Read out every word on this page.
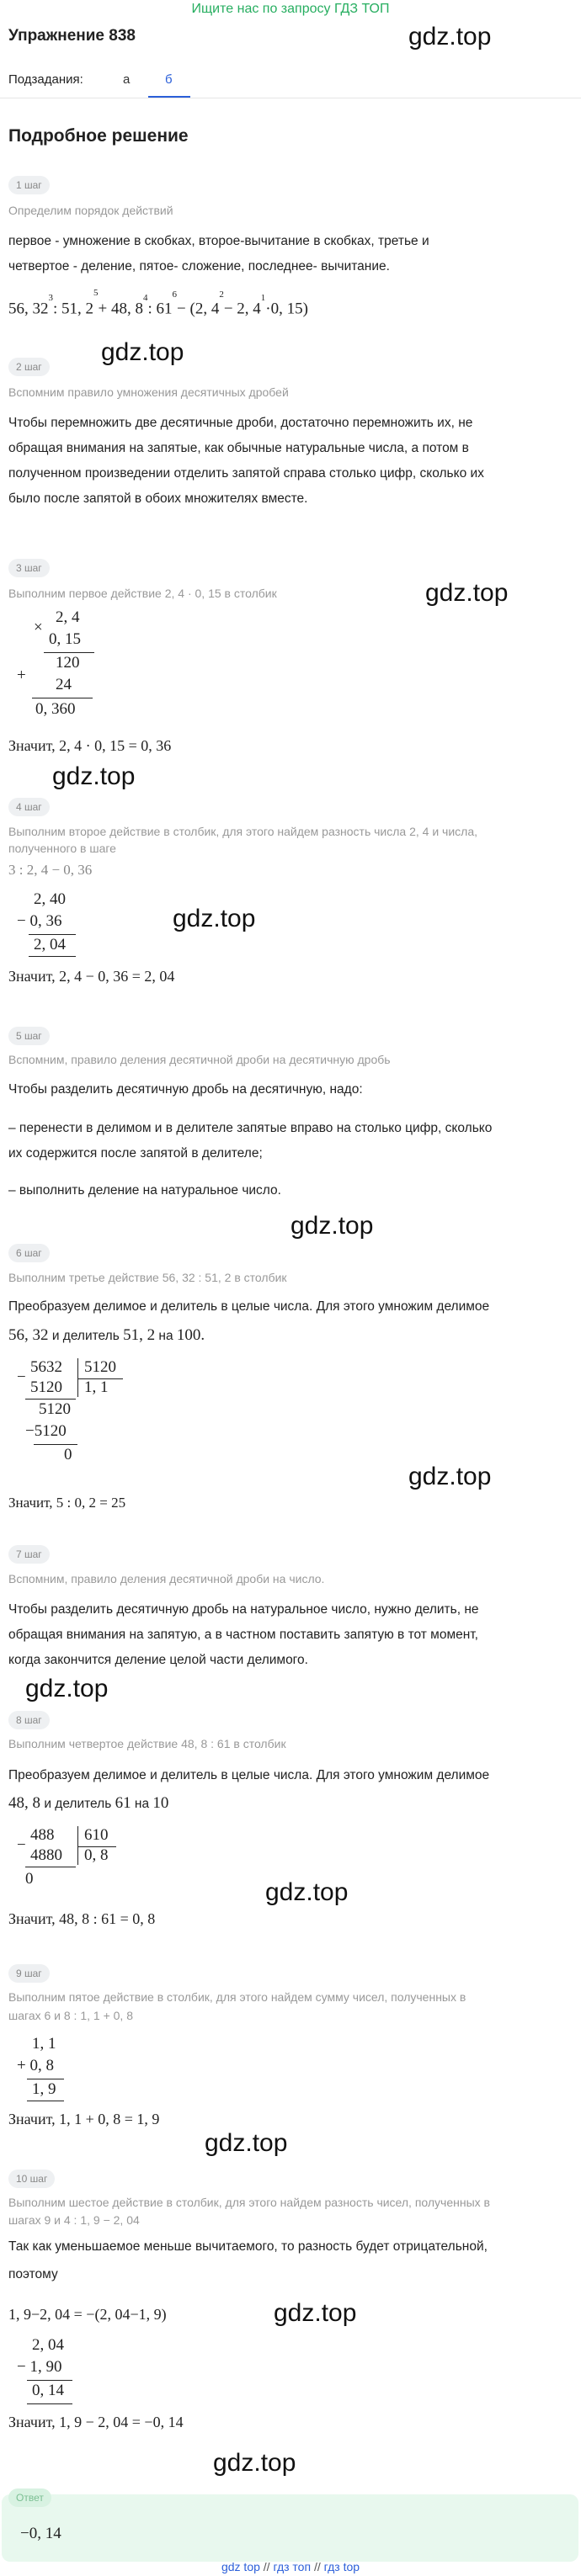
Ищите нас по запросу ГДЗ ТОП
Упражнение 838	gdz.top
Подзадания:	а	б
Подробное решение
1 шаг
Определим порядок действий
первое - умножение в скобках, второе-вычитание в скобках, третье и
четвертое - деление, пятое- сложение, последнее- вычитание.
56, $32^3$: 51, $2^5+ 48$, $8^4$: $61^6- (2$, $4^2- 2$, $4^1\cdot 0$, 15)
gdz.top
2 шаг
Вспомним правило умножения десятичных дробей
Чтобы перемножить две десятичные дроби, достаточно перемножить их, не
обращая внимания на запятые, как обычные натуральные числа, а потом в
полученном произведении отделить запятой справа столько цифр, сколько их
было после запятой в обоих множителях вместе.
3 шаг
gdz.top
Выполним первое действие 2, 4 · 0, 15 в столбик
×
2, 4
0, 15
+
120
24
0, 360
Значит, 2, 4 · 0, 15 = 0, 36
gdz.top
4 шаг
Выполним второе действие в столбик, для этого найдем разность числа 2, 4 и числа,
полученного в шаге
3 : 2, 4 − 0, 36
2, 40
− 0, 36
2, 04
gdz.top
Значит, 2, 4 − 0, 36 = 2, 04
5 шаг
Вспомним, правило деления десятичной дроби на десятичную дробь
Чтобы разделить десятичную дробь на десятичную, надо:
– перенести в делимом и в делителе запятые вправо на столько цифр, сколько
их содержится после запятой в делителе;
– выполнить деление на натуральное число.
gdz.top
6 шаг
Выполним третье действие 56, 32 : 51, 2 в столбик
Преобразуем делимое и делитель в целые числа. Для этого умножим делимое
56, 32 и делитель 51, 2 на 100.
5632 5120
−
5120 1, 1
5120
−5120
0
gdz.top
Значит, 5 : 0, 2 = 25
7 шаг
Вспомним, правило деления десятичной дроби на число.
Чтобы разделить десятичную дробь на натуральное число, нужно делить, не
обращая внимания на запятую, а в частном поставить запятую в тот момент,
когда закончится деление целой части делимого.
gdz.top
8 шаг
Выполним четвертое действие 48, 8 : 61 в столбик
Преобразуем делимое и делитель в целые числа. Для этого умножим делимое
48, 8 и делитель 61 на 10
488 610
−
4880 0, 8
0	gdz.top
Значит, 48, 8 : 61 = 0, 8
9 шаг
Выполним пятое действие в столбик, для этого найдем сумму чисел, полученных в
шагах 6 и 8 : 1, 1 + 0, 8
1, 1
+ 0, 8
1, 9
Значит, 1, 1 + 0, 8 = 1, 9
gdz.top
10 шаг
Выполним шестое действие в столбик, для этого найдем разность чисел, полученных в
шагах 9 и 4 : 1, 9 − 2, 04
Так как уменьшаемое меньше вычитаемого, то разность будет отрицательной,
поэтому
1, 9−2, 04 = −(2, 04−1, 9)	gdz.top
2, 04
− 1, 90
0, 14
Значит, 1, 9 − 2, 04 = −0, 14
gdz.top
Ответ
−0, 14
gdz top // гдз топ // гдз top
